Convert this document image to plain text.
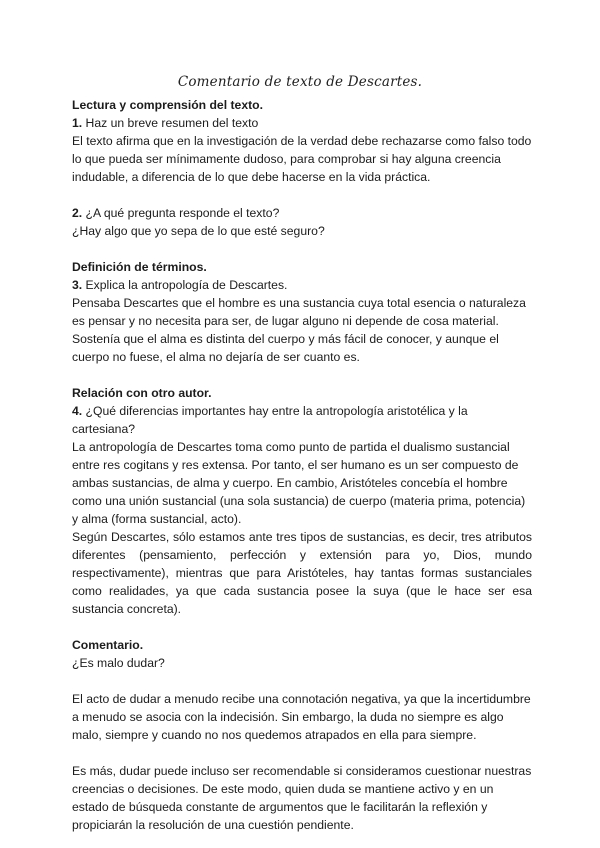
Comentario de texto de Descartes.

Lectura y comprensión del texto.

1. Haz un breve resumen del texto

El texto afirma que en la investigación de la verdad debe rechazarse como falso todo lo que pueda ser mínimamente dudoso, para comprobar si hay alguna creencia indudable, a diferencia de lo que debe hacerse en la vida práctica.

2. ¿A qué pregunta responde el texto?

¿Hay algo que yo sepa de lo que esté seguro?

Definición de términos.

3. Explica la antropología de Descartes.

Pensaba Descartes que el hombre es una sustancia cuya total esencia o naturaleza es pensar y no necesita para ser, de lugar alguno ni depende de cosa material. Sostenía que el alma es distinta del cuerpo y más fácil de conocer, y aunque el cuerpo no fuese, el alma no dejaría de ser cuanto es.

Relación con otro autor.

4. ¿Qué diferencias importantes hay entre la antropología aristotélica y la cartesiana?

La antropología de Descartes toma como punto de partida el dualismo sustancial entre res cogitans y res extensa. Por tanto, el ser humano es un ser compuesto de ambas sustancias, de alma y cuerpo. En cambio, Aristóteles concebía el hombre como una unión sustancial (una sola sustancia) de cuerpo (materia prima, potencia) y alma (forma sustancial, acto).

Según Descartes, sólo estamos ante tres tipos de sustancias, es decir, tres atributos diferentes (pensamiento, perfección y extensión para yo, Dios, mundo respectivamente), mientras que para Aristóteles, hay tantas formas sustanciales como realidades, ya que cada sustancia posee la suya (que le hace ser esa sustancia concreta).

Comentario.

¿Es malo dudar?

El acto de dudar a menudo recibe una connotación negativa, ya que la incertidumbre a menudo se asocia con la indecisión. Sin embargo, la duda no siempre es algo malo, siempre y cuando no nos quedemos atrapados en ella para siempre.

Es más, dudar puede incluso ser recomendable si consideramos cuestionar nuestras creencias o decisiones. De este modo, quien duda se mantiene activo y en un estado de búsqueda constante de argumentos que le facilitarán la reflexión y propiciarán la resolución de una cuestión pendiente.
